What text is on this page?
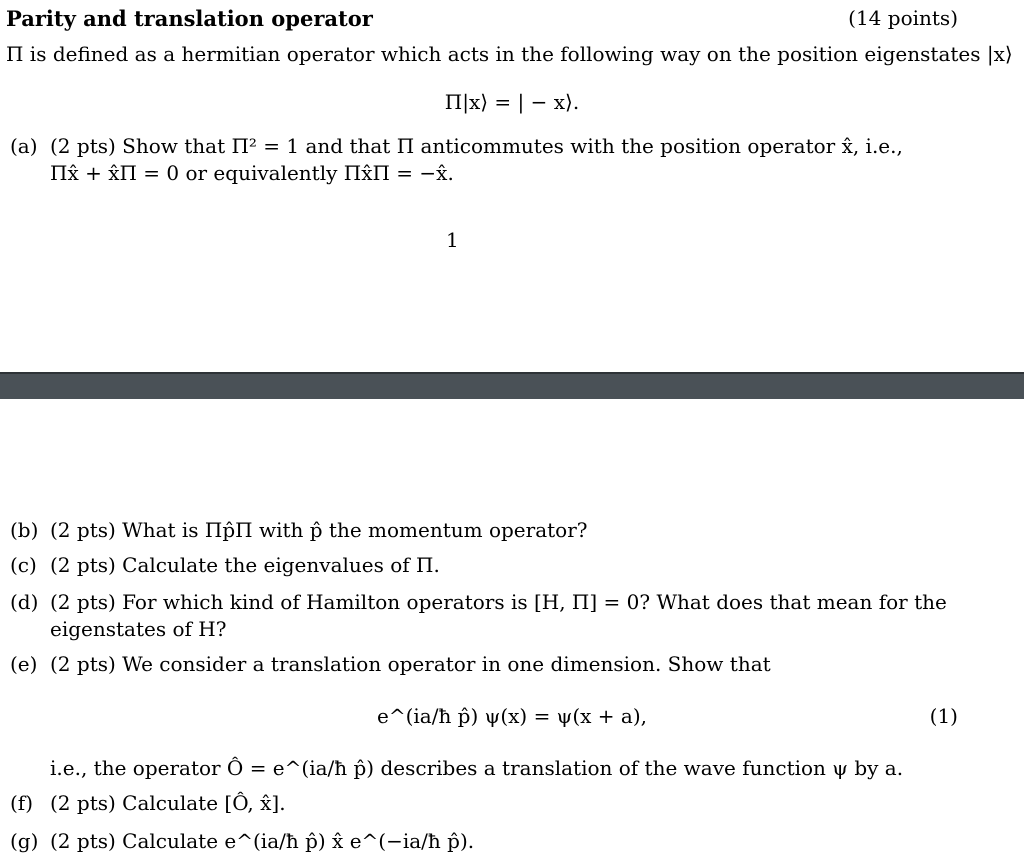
Parity and translation operator	(14 points)
Π is defined as a hermitian operator which acts in the following way on the position eigenstates |x⟩
Π|x⟩ = | − x⟩.
(a) (2 pts) Show that Π² = 1 and that Π anticommutes with the position operator x̂, i.e.,
Πx̂ + x̂Π = 0 or equivalently Πx̂Π = −x̂.
1
(b) (2 pts) What is Πp̂Π with p̂ the momentum operator?
(c) (2 pts) Calculate the eigenvalues of Π.
(d) (2 pts) For which kind of Hamilton operators is [H, Π] = 0? What does that mean for the
eigenstates of H?
(e) (2 pts) We consider a translation operator in one dimension. Show that
e^(ia/ħ p̂) ψ(x) = ψ(x + a),	(1)
i.e., the operator Ô = e^(ia/ħ p̂) describes a translation of the wave function ψ by a.
(f) (2 pts) Calculate [Ô, x̂].
(g) (2 pts) Calculate e^(ia/ħ p̂) x̂ e^(−ia/ħ p̂).
